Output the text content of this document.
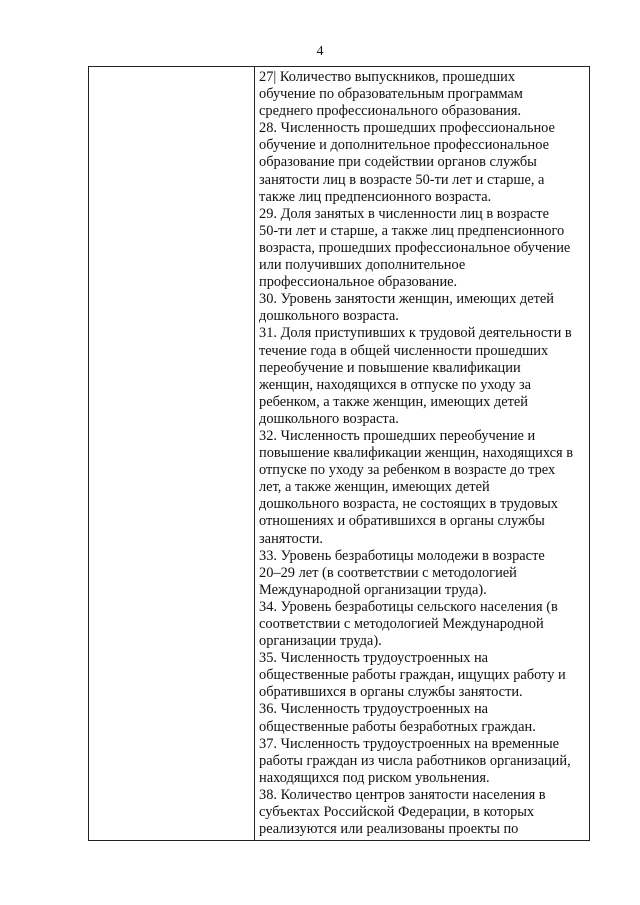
4
27| Количество выпускников, прошедших
обучение по образовательным программам
среднего профессионального образования.
28. Численность прошедших профессиональное
обучение и дополнительное профессиональное
образование при содействии органов службы
занятости лиц в возрасте 50-ти лет и старше, а
также лиц предпенсионного возраста.
29. Доля занятых в численности лиц в возрасте
50-ти лет и старше, а также лиц предпенсионного
возраста, прошедших профессиональное обучение
или получивших дополнительное
профессиональное образование.
30. Уровень занятости женщин, имеющих детей
дошкольного возраста.
31. Доля приступивших к трудовой деятельности в
течение года в общей численности прошедших
переобучение и повышение квалификации
женщин, находящихся в отпуске по уходу за
ребенком, а также женщин, имеющих детей
дошкольного возраста.
32. Численность прошедших переобучение и
повышение квалификации женщин, находящихся в
отпуске по уходу за ребенком в возрасте до трех
лет, а также женщин, имеющих детей
дошкольного возраста, не состоящих в трудовых
отношениях и обратившихся в органы службы
занятости.
33. Уровень безработицы молодежи в возрасте
20–29 лет (в соответствии с методологией
Международной организации труда).
34. Уровень безработицы сельского населения (в
соответствии с методологией Международной
организации труда).
35. Численность трудоустроенных на
общественные работы граждан, ищущих работу и
обратившихся в органы службы занятости.
36. Численность трудоустроенных на
общественные работы безработных граждан.
37. Численность трудоустроенных на временные
работы граждан из числа работников организаций,
находящихся под риском увольнения.
38. Количество центров занятости населения в
субъектах Российской Федерации, в которых
реализуются или реализованы проекты по
